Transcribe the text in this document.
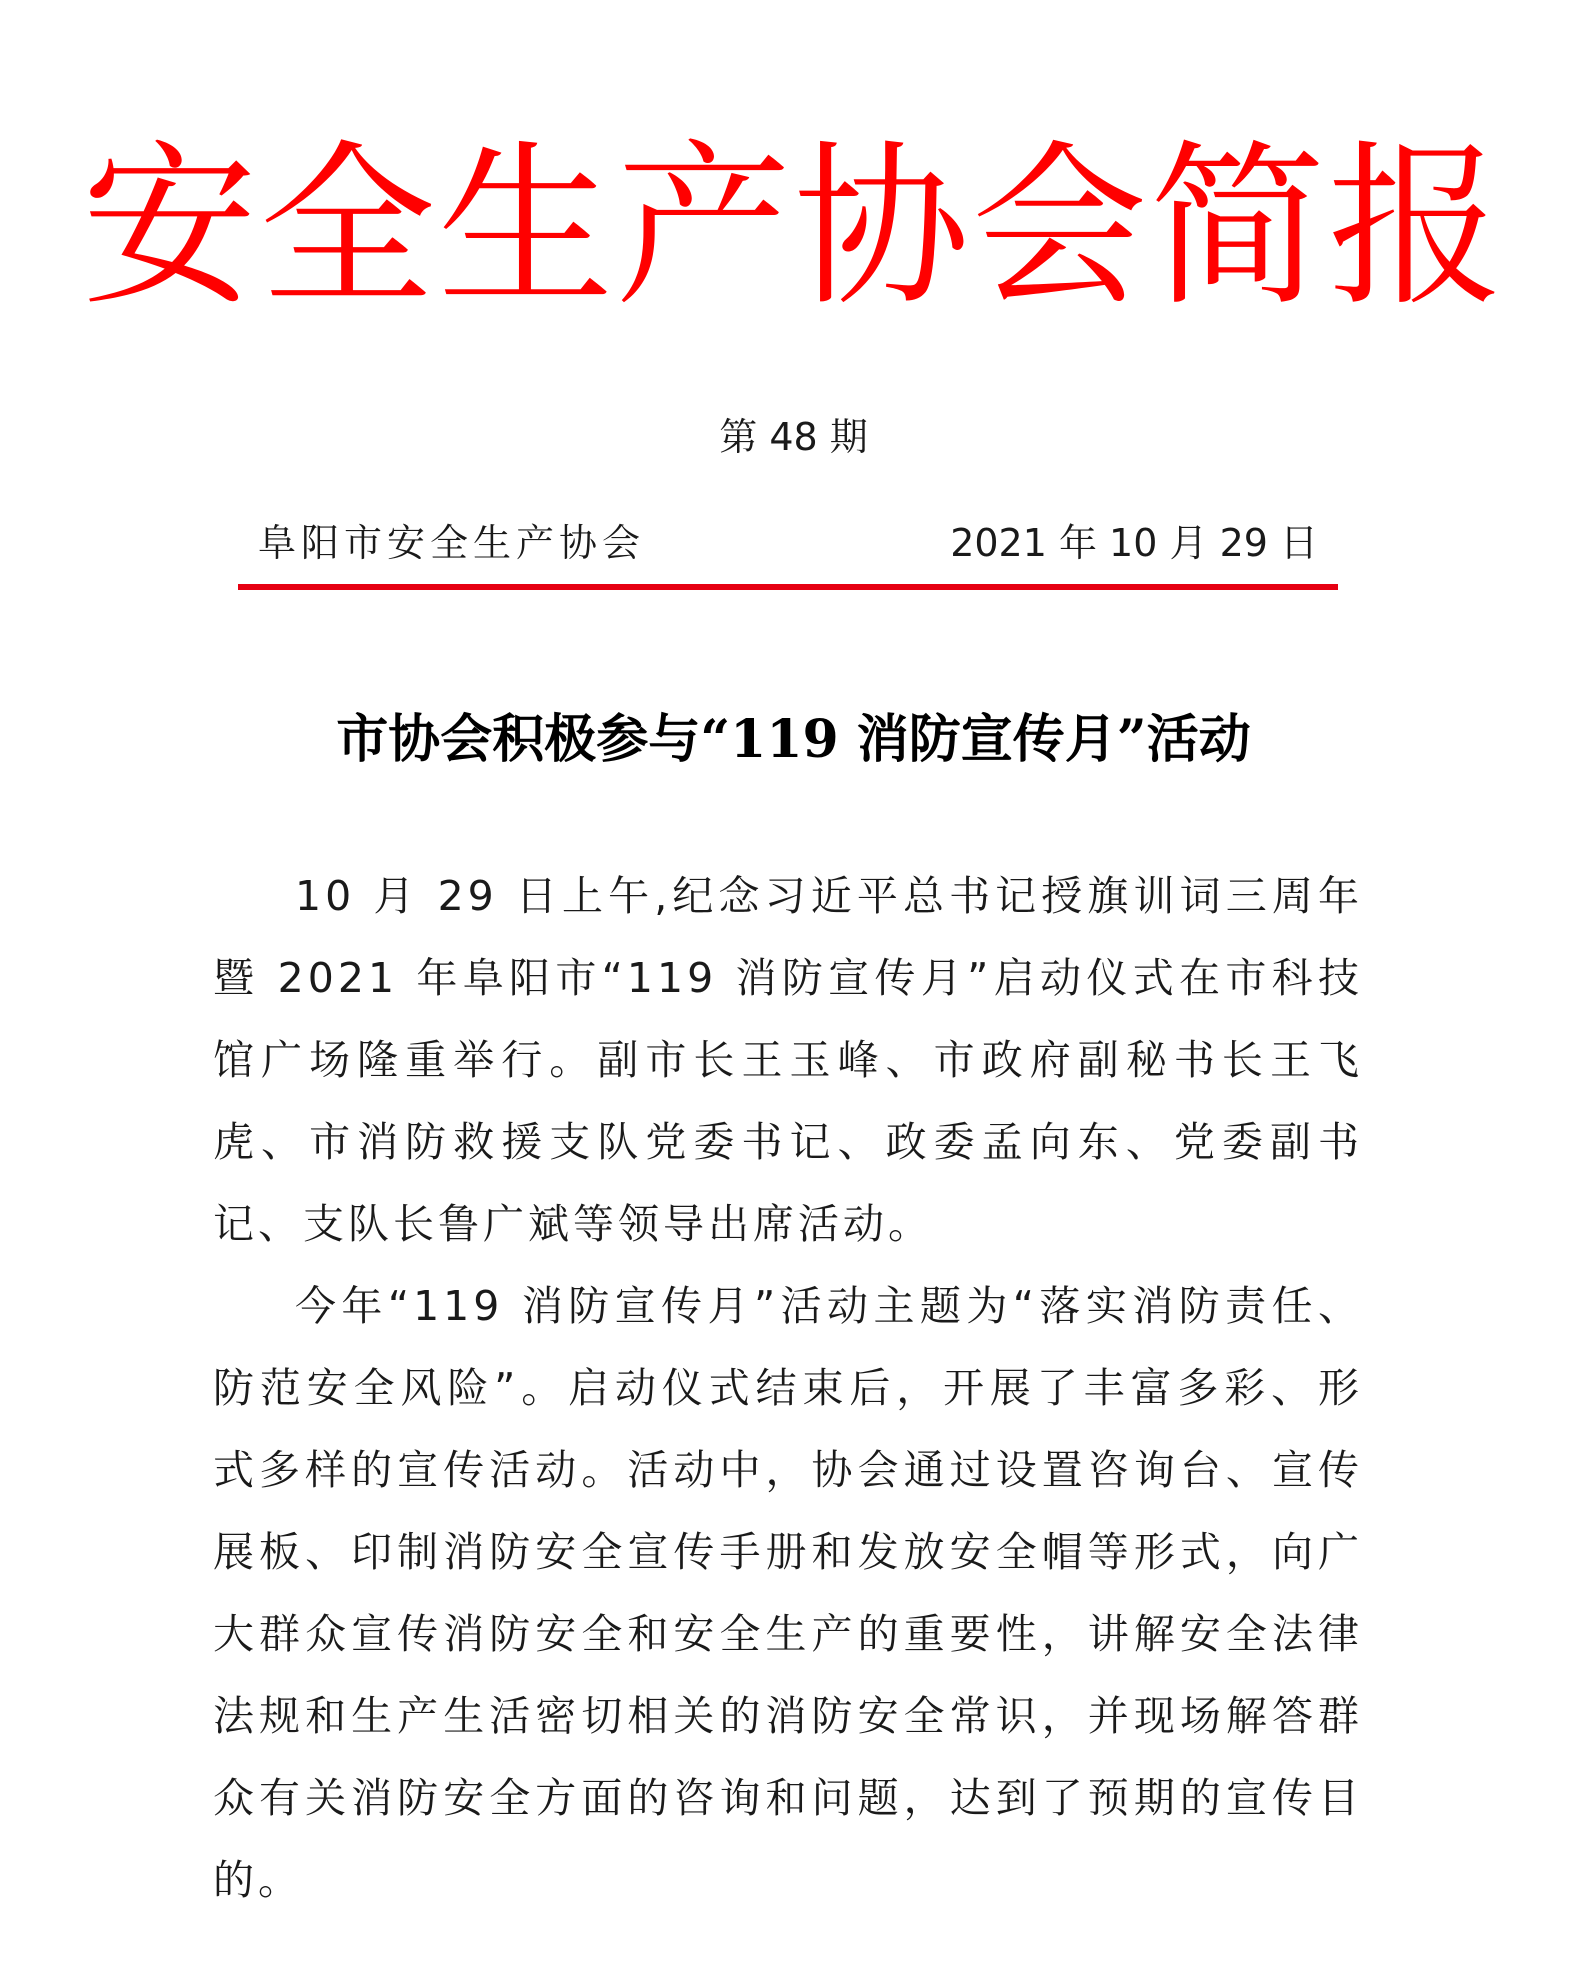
安全生产协会简报
第 48 期
阜阳市安全生产协会	2021 年 10 月 29 日
市协会积极参与“119 消防宣传月”活动

10 月 29 日上午,纪念习近平总书记授旗训词三周年暨 2021 年阜阳市“119 消防宣传月”启动仪式在市科技馆广场隆重举行。副市长王玉峰、市政府副秘书长王飞虎、市消防救援支队党委书记、政委孟向东、党委副书记、支队长鲁广斌等领导出席活动。

今年“119 消防宣传月”活动主题为“落实消防责任、防范安全风险”。启动仪式结束后，开展了丰富多彩、形式多样的宣传活动。活动中，协会通过设置咨询台、宣传展板、印制消防安全宣传手册和发放安全帽等形式，向广大群众宣传消防安全和安全生产的重要性，讲解安全法律法规和生产生活密切相关的消防安全常识，并现场解答群众有关消防安全方面的咨询和问题，达到了预期的宣传目的。
